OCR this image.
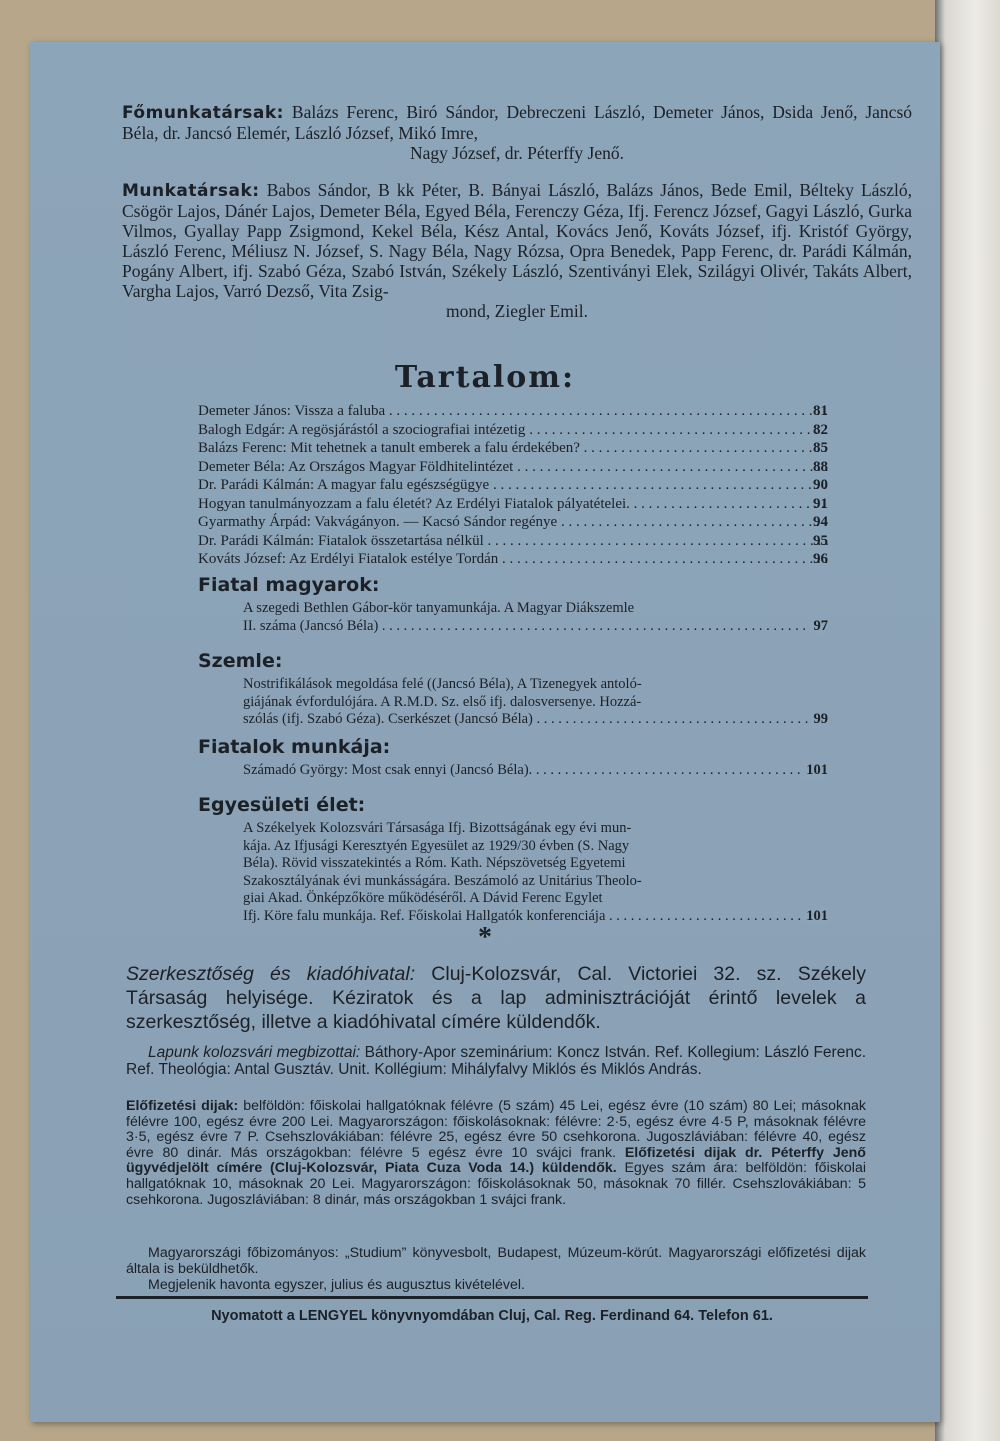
Főmunkatársak: Balázs Ferenc, Biró Sándor, Debreczeni László, Demeter János, Dsida Jenő, Jancsó Béla, dr. Jancsó Elemér, László József, Mikó Imre,
Nagy József, dr. Péterffy Jenő.
Munkatársak: Babos Sándor, B kk Péter, B. Bányai László, Balázs János, Bede Emil, Bélteky László, Csögör Lajos, Dánér Lajos, Demeter Béla, Egyed Béla, Ferenczy Géza, Ifj. Ferencz József, Gagyi László, Gurka Vilmos, Gyallay Papp Zsigmond, Kekel Béla, Kész Antal, Kovács Jenő, Kováts József, ifj. Kristóf György, László Ferenc, Méliusz N. József, S. Nagy Béla, Nagy Rózsa, Opra Benedek, Papp Ferenc, dr. Parádi Kálmán, Pogány Albert, ifj. Szabó Géza, Szabó István, Székely László, Szentiványi Elek, Szilágyi Olivér, Takáts Albert, Vargha Lajos, Varró Dezső, Vita Zsig-
mond, Ziegler Emil.
Tartalom:
Demeter János: Vissza a faluba . . .	81
Balogh Edgár: A regösjárástól a szociografiai intézetig . . .	82
Balázs Ferenc: Mit tehetnek a tanult emberek a falu érdekében? . . .	85
Demeter Béla: Az Országos Magyar Földhitelintézet . . .	88
Dr. Parádi Kálmán: A magyar falu egészségügye . . .	90
Hogyan tanulmányozzam a falu életét? Az Erdélyi Fiatalok pályatételei. . . .	91
Gyarmathy Árpád: Vakvágányon. — Kacsó Sándor regénye . . .	94
Dr. Parádi Kálmán: Fiatalok összetartása nélkül . . .	95
Kováts József: Az Erdélyi Fiatalok estélye Tordán . . .	96
Fiatal magyarok:
A szegedi Bethlen Gábor-kör tanyamunkája. A Magyar Diákszemle
II. száma (Jancsó Béla) . . .	97
Szemle:
Nostrifikálások megoldása felé ((Jancsó Béla), A Tizenegyek antoló-
giájának évfordulójára. A R.M.D. Sz. első ifj. dalosversenye. Hozzá-
szólás (ifj. Szabó Géza). Cserkészet (Jancsó Béla) . . .	99
Fiatalok munkája:
Számadó György: Most csak ennyi (Jancsó Béla). . . .	101
Egyesületi élet:
A Székelyek Kolozsvári Társasága Ifj. Bizottságának egy évi mun-
kája. Az Ifjusági Keresztyén Egyesület az 1929/30 évben (S. Nagy
Béla). Rövid visszatekintés a Róm. Kath. Népszövetség Egyetemi
Szakosztályának évi munkásságára. Beszámoló az Unitárius Theolo-
giai Akad. Önképzőköre működéséről. A Dávid Ferenc Egylet
Ifj. Köre falu munkája. Ref. Főiskolai Hallgatók konferenciája . . .	101
*
Szerkesztőség és kiadóhivatal: Cluj-Kolozsvár, Cal. Victoriei 32. sz. Székely Társaság helyisége. Kéziratok és a lap adminisztrációját érintő levelek a szerkesztőség, illetve a kiadóhivatal címére küldendők.
Lapunk kolozsvári megbizottai: Báthory-Apor szeminárium: Koncz István. Ref. Kollegium: László Ferenc. Ref. Theológia: Antal Gusztáv. Unit. Kollégium: Mihályfalvy Miklós és Miklós András.
Előfizetési dijak: belföldön: főiskolai hallgatóknak félévre (5 szám) 45 Lei, egész évre (10 szám) 80 Lei; másoknak félévre 100, egész évre 200 Lei. Magyarországon: főiskolásoknak: félévre: 2·5, egész évre 4·5 P, másoknak félévre 3·5, egész évre 7 P. Csehszlovákiában: félévre 25, egész évre 50 csehkorona. Jugoszláviában: félévre 40, egész évre 80 dinár. Más országokban: félévre 5 egész évre 10 svájci frank. Előfizetési dijak dr. Péterffy Jenő ügyvédjelölt címére (Cluj-Kolozsvár, Piata Cuza Voda 14.) küldendők. Egyes szám ára: belföldön: főiskolai hallgatóknak 10, másoknak 20 Lei. Magyarországon: főiskolásoknak 50, másoknak 70 fillér. Csehszlovákiában: 5 csehkorona. Jugoszláviában: 8 dinár, más országokban 1 svájci frank.
Magyarországi főbizományos: „Studium” könyvesbolt, Budapest, Múzeum-körút. Magyarországi előfizetési dijak általa is beküldhetők.
Megjelenik havonta egyszer, julius és augusztus kivételével.
Nyomatott a LENGYEL könyvnyomdában Cluj, Cal. Reg. Ferdinand 64. Telefon 61.
